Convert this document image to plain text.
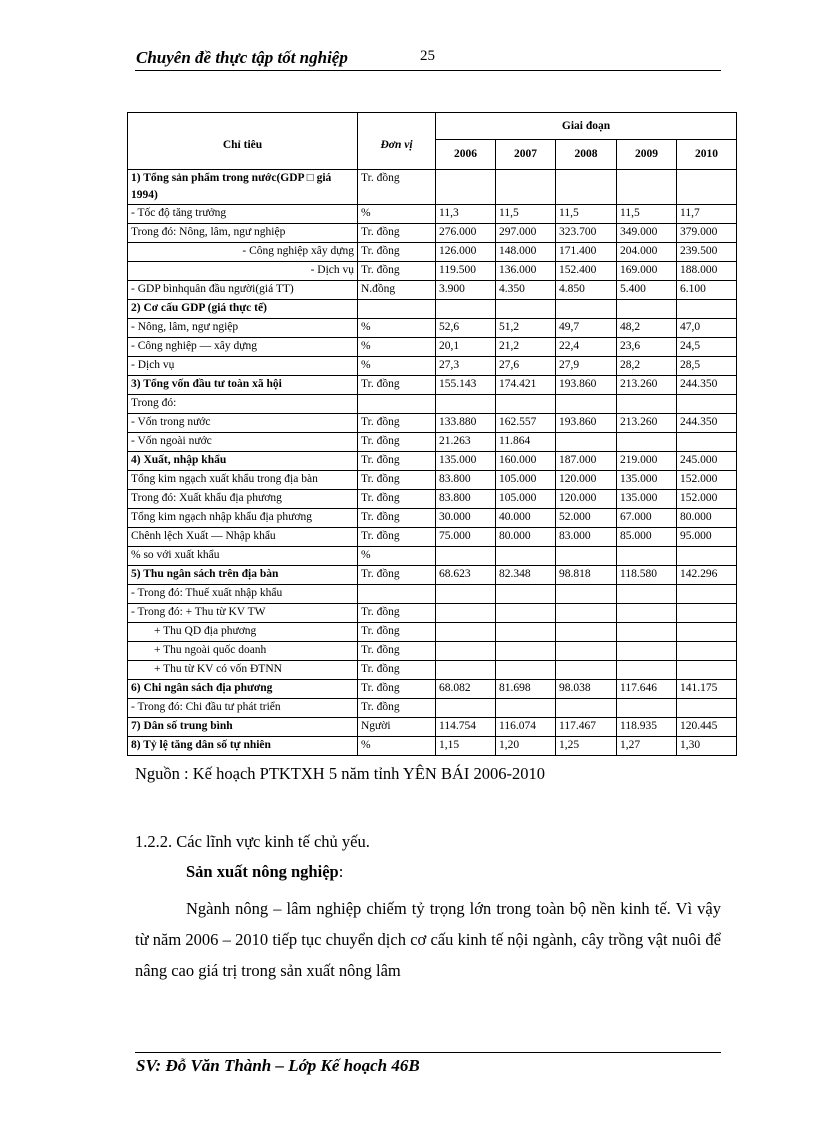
Chuyên đề thực tập tốt nghiệp	25
Chỉ tiêu	Đơn vị	Giai đoạn				
		2006	2007	2008	2009	2010
1) Tổng sản phẩm trong nước(GDP □ giá 1994)	Tr. đồng					
- Tốc độ tăng trưởng	%	11,3	11,5	11,5	11,5	11,7
Trong đó: Nông, lâm, ngư nghiệp	Tr. đồng	276.000	297.000	323.700	349.000	379.000
- Công nghiệp xây dựng	Tr. đồng	126.000	148.000	171.400	204.000	239.500
- Dịch vụ	Tr. đồng	119.500	136.000	152.400	169.000	188.000
- GDP bìnhquân đầu người(giá TT)	N.đồng	3.900	4.350	4.850	5.400	6.100
2) Cơ cấu GDP (giá thực tế)						
- Nông, lâm, ngư ngiệp	%	52,6	51,2	49,7	48,2	47,0
- Công nghiệp — xây dựng	%	20,1	21,2	22,4	23,6	24,5
- Dịch vụ	%	27,3	27,6	27,9	28,2	28,5
3) Tổng vốn đầu tư toàn xã hội	Tr. đồng	155.143	174.421	193.860	213.260	244.350
Trong đó:						
- Vốn trong nước	Tr. đồng	133.880	162.557	193.860	213.260	244.350
- Vốn ngoài nước	Tr. đồng	21.263	11.864			
4) Xuất, nhập khẩu	Tr. đồng	135.000	160.000	187.000	219.000	245.000
Tổng kim ngạch xuất khẩu trong địa bàn	Tr. đồng	83.800	105.000	120.000	135.000	152.000
Trong đó: Xuất khẩu địa phương	Tr. đồng	83.800	105.000	120.000	135.000	152.000
Tổng kim ngạch nhập khẩu địa phương	Tr. đồng	30.000	40.000	52.000	67.000	80.000
Chênh lệch Xuất — Nhập khẩu	Tr. đồng	75.000	80.000	83.000	85.000	95.000
% so với xuất khẩu	%					
5) Thu ngân sách trên địa bàn	Tr. đồng	68.623	82.348	98.818	118.580	142.296
- Trong đó: Thuế xuất nhập khẩu						
- Trong đó: + Thu từ KV TW	Tr. đồng					
+ Thu QD địa phương	Tr. đồng					
+ Thu ngoài quốc doanh	Tr. đồng					
+ Thu từ KV có vốn ĐTNN	Tr. đồng					
6) Chi ngân sách địa phương	Tr. đồng	68.082	81.698	98.038	117.646	141.175
- Trong đó: Chi đầu tư phát triển	Tr. đồng					
7) Dân số trung bình	Người	114.754	116.074	117.467	118.935	120.445
8) Tỷ lệ tăng dân số tự nhiên	%	1,15	1,20	1,25	1,27	1,30
Nguồn : Kế hoạch PTKTXH 5 năm tỉnh YÊN BÁI 2006-2010
1.2.2. Các lĩnh vực kinh tế chủ yếu.
Sản xuất nông nghiệp:
Ngành nông – lâm nghiệp chiếm tỷ trọng lớn trong toàn bộ nền kinh tế. Vì vậy từ năm 2006 – 2010 tiếp tục chuyển dịch cơ cấu kinh tế nội ngành, cây trồng vật nuôi để nâng cao giá trị trong sản xuất nông lâm
SV: Đỗ Văn Thành – Lớp Kế hoạch 46B
